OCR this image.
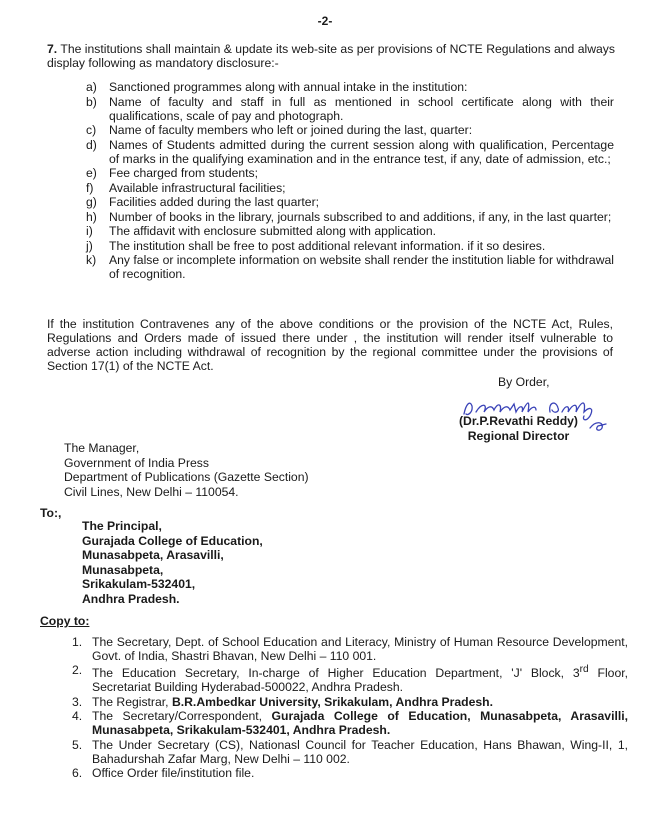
-2-
7. The institutions shall maintain & update its web-site as per provisions of NCTE Regulations and always display following as mandatory disclosure:-
a) Sanctioned programmes along with annual intake in the institution:
b) Name of faculty and staff in full as mentioned in school certificate along with their qualifications, scale of pay and photograph.
c) Name of faculty members who left or joined during the last, quarter:
d) Names of Students admitted during the current session along with qualification, Percentage of marks in the qualifying examination and in the entrance test, if any, date of admission, etc.;
e) Fee charged from students;
f) Available infrastructural facilities;
g) Facilities added during the last quarter;
h) Number of books in the library, journals subscribed to and additions, if any, in the last quarter;
i) The affidavit with enclosure submitted along with application.
j) The institution shall be free to post additional relevant information. if it so desires.
k) Any false or incomplete information on website shall render the institution liable for withdrawal of recognition.
If the institution Contravenes any of the above conditions or the provision of the NCTE Act, Rules, Regulations and Orders made of issued there under , the institution will render itself vulnerable to adverse action including withdrawal of recognition by the regional committee under the provisions of Section 17(1) of the NCTE Act.
By Order,
(Dr.P.Revathi Reddy)
Regional Director
The Manager,
Government of India Press
Department of Publications (Gazette Section)
Civil Lines, New Delhi – 110054.
To:,
The Principal,
Gurajada College of Education,
Munasabpeta, Arasavilli,
Munasabpeta,
Srikakulam-532401,
Andhra Pradesh.
Copy to:
1. The Secretary, Dept. of School Education and Literacy, Ministry of Human Resource Development, Govt. of India, Shastri Bhavan, New Delhi – 110 001.
2. The Education Secretary, In-charge of Higher Education Department, 'J' Block, 3rd Floor, Secretariat Building Hyderabad-500022, Andhra Pradesh.
3. The Registrar, B.R.Ambedkar University, Srikakulam, Andhra Pradesh.
4. The Secretary/Correspondent, Gurajada College of Education, Munasabpeta, Arasavilli, Munasabpeta, Srikakulam-532401, Andhra Pradesh.
5. The Under Secretary (CS), Nationasl Council for Teacher Education, Hans Bhawan, Wing-II, 1, Bahadurshah Zafar Marg, New Delhi – 110 002.
6. Office Order file/institution file.
